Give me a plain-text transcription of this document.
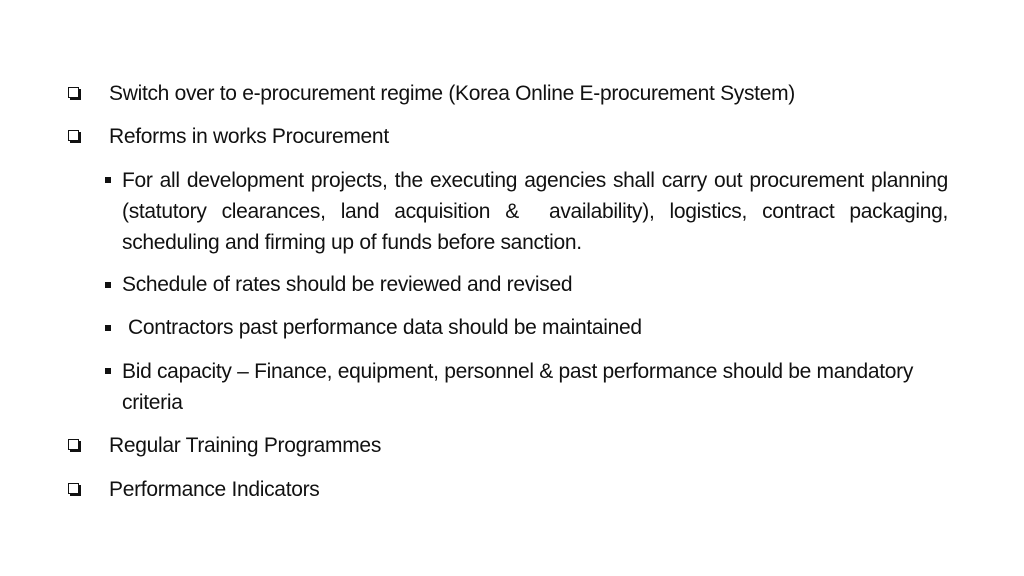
Switch over to e-procurement regime (Korea Online E-procurement System)
Reforms in works Procurement
For all development projects, the executing agencies shall carry out procurement planning (statutory clearances, land acquisition &  availability), logistics, contract packaging, scheduling and firming up of funds before sanction.
Schedule of rates should be reviewed and revised
Contractors past performance data should be maintained
Bid capacity – Finance, equipment, personnel & past performance should be mandatory criteria
Regular Training Programmes
Performance Indicators
